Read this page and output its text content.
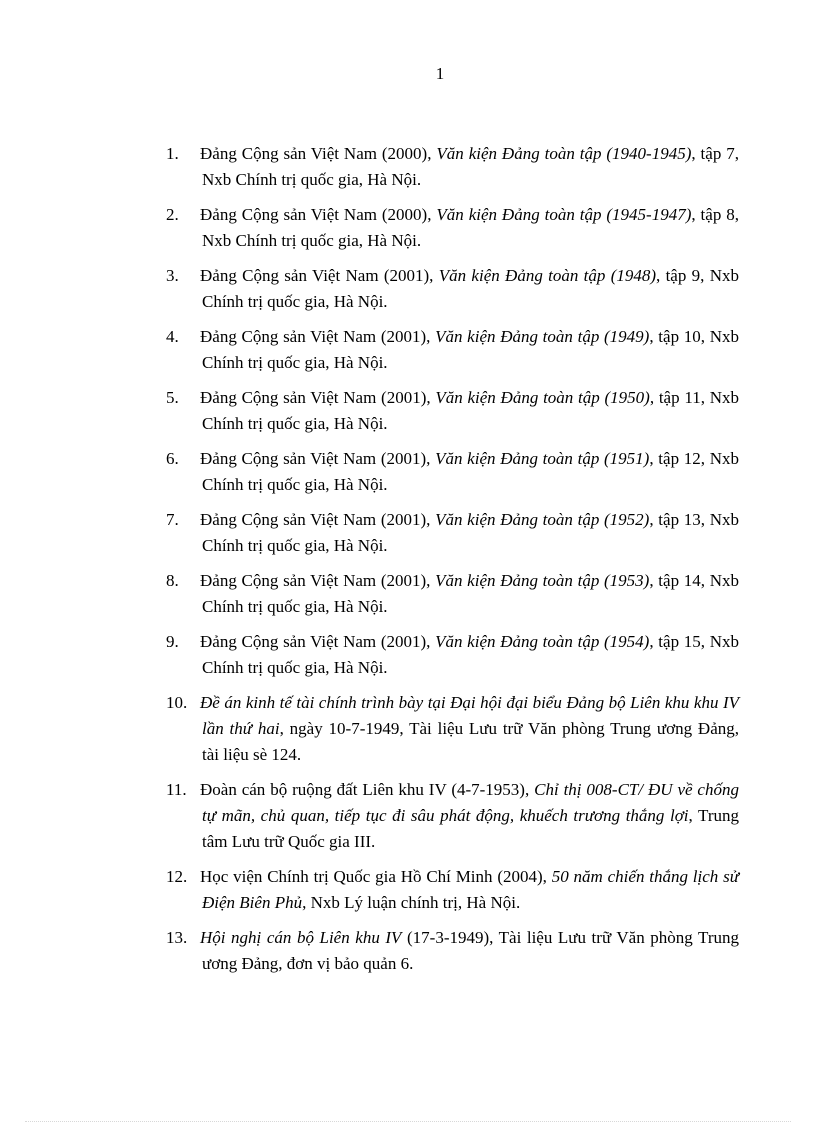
1
1. Đảng Cộng sản Việt Nam (2000), Văn kiện Đảng toàn tập (1940-1945), tập 7, Nxb Chính trị quốc gia, Hà Nội.
2. Đảng Cộng sản Việt Nam (2000), Văn kiện Đảng toàn tập (1945-1947), tập 8, Nxb Chính trị quốc gia, Hà Nội.
3. Đảng Cộng sản Việt Nam (2001), Văn kiện Đảng toàn tập (1948), tập 9, Nxb Chính trị quốc gia, Hà Nội.
4. Đảng Cộng sản Việt Nam (2001), Văn kiện Đảng toàn tập (1949), tập 10, Nxb Chính trị quốc gia, Hà Nội.
5. Đảng Cộng sản Việt Nam (2001), Văn kiện Đảng toàn tập (1950), tập 11, Nxb Chính trị quốc gia, Hà Nội.
6. Đảng Cộng sản Việt Nam (2001), Văn kiện Đảng toàn tập (1951), tập 12, Nxb Chính trị quốc gia, Hà Nội.
7. Đảng Cộng sản Việt Nam (2001), Văn kiện Đảng toàn tập (1952), tập 13, Nxb Chính trị quốc gia, Hà Nội.
8. Đảng Cộng sản Việt Nam (2001), Văn kiện Đảng toàn tập (1953), tập 14, Nxb Chính trị quốc gia, Hà Nội.
9. Đảng Cộng sản Việt Nam (2001), Văn kiện Đảng toàn tập (1954), tập 15, Nxb Chính trị quốc gia, Hà Nội.
10. Đề án kinh tế tài chính trình bày tại Đại hội đại biểu Đảng bộ Liên khu khu IV lần thứ hai, ngày 10-7-1949, Tài liệu Lưu trữ Văn phòng Trung ương Đảng, tài liệu sè 124.
11. Đoàn cán bộ ruộng đất Liên khu IV (4-7-1953), Chỉ thị 008-CT/ ĐU về chống tự mãn, chủ quan, tiếp tục đi sâu phát động, khuếch trương thắng lợi, Trung tâm Lưu trữ Quốc gia III.
12. Học viện Chính trị Quốc gia Hồ Chí Minh (2004), 50 năm chiến thắng lịch sử Điện Biên Phủ, Nxb Lý luận chính trị, Hà Nội.
13. Hội nghị cán bộ Liên khu IV (17-3-1949), Tài liệu Lưu trữ Văn phòng Trung ương Đảng, đơn vị bảo quản 6.
